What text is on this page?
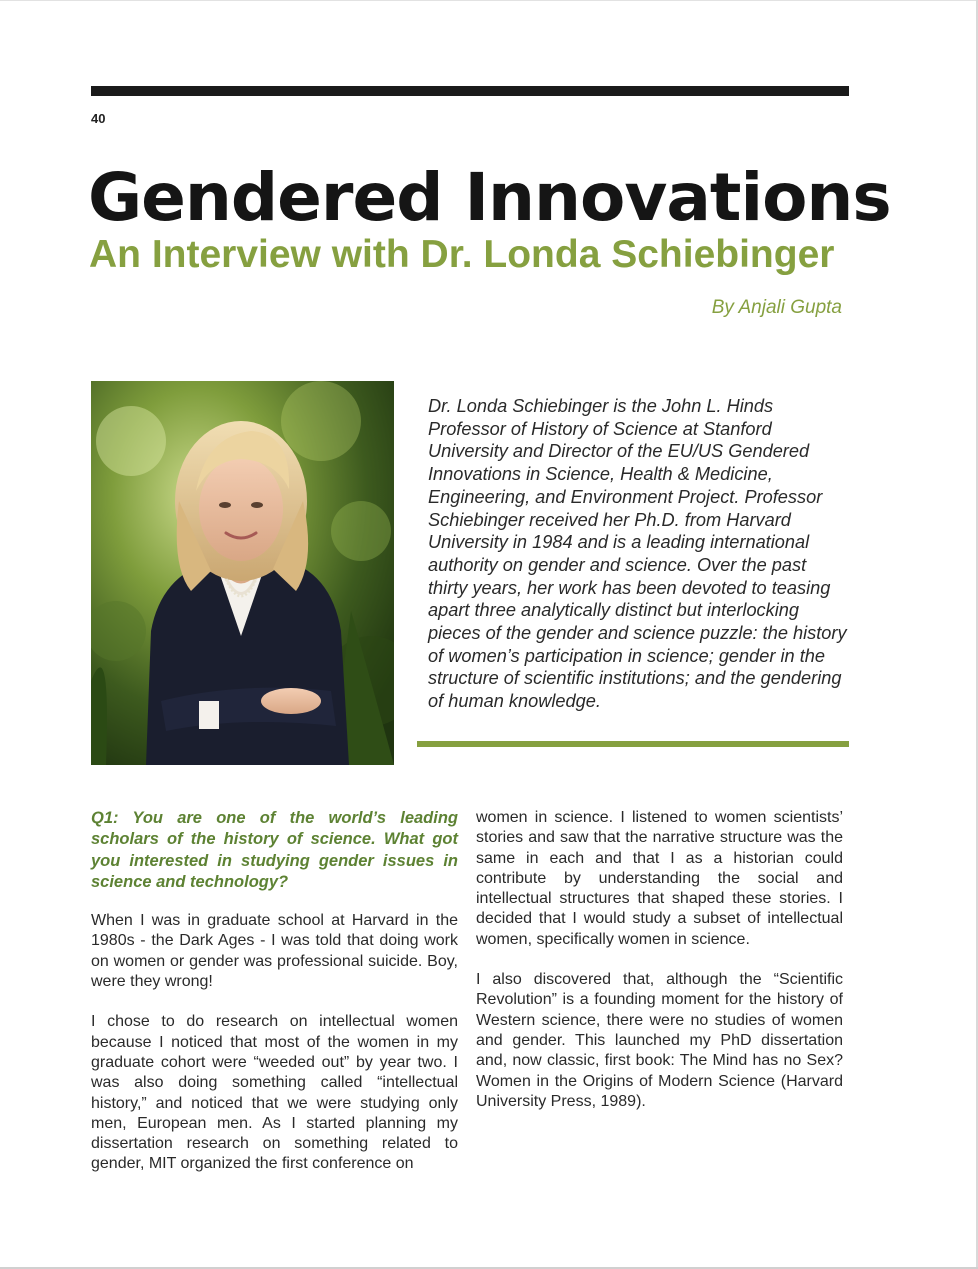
40
Gendered Innovations
An Interview with Dr. Londa Schiebinger
By Anjali Gupta

Dr. Londa Schiebinger is the John L. Hinds Professor of History of Science at Stanford University and Director of the EU/US Gendered Innovations in Science, Health & Medicine, Engineering, and Environment Project. Professor Schiebinger received her Ph.D. from Harvard University in 1984 and is a leading international authority on gender and science. Over the past thirty years, her work has been devoted to teasing apart three analytically distinct but interlocking pieces of the gender and science puzzle: the history of women’s participation in science; gender in the structure of scientific institutions; and the gendering of human knowledge.

Q1: You are one of the world’s leading scholars of the history of science. What got you interested in studying gender issues in science and technology?

When I was in graduate school at Harvard in the 1980s - the Dark Ages - I was told that doing work on women or gender was professional suicide. Boy, were they wrong!

I chose to do research on intellectual women because I noticed that most of the women in my graduate cohort were “weeded out” by year two. I was also doing something called “intellectual history,” and noticed that we were studying only men, European men. As I started planning my dissertation research on something related to gender, MIT organized the first conference on

women in science. I listened to women scientists’ stories and saw that the narrative structure was the same in each and that I as a historian could contribute by understanding the social and intellectual structures that shaped these stories. I decided that I would study a subset of intellectual women, specifically women in science.

I also discovered that, although the “Scientific Revolution” is a founding moment for the history of Western science, there were no studies of women and gender. This launched my PhD dissertation and, now classic, first book: The Mind has no Sex? Women in the Origins of Modern Science (Harvard University Press, 1989).
